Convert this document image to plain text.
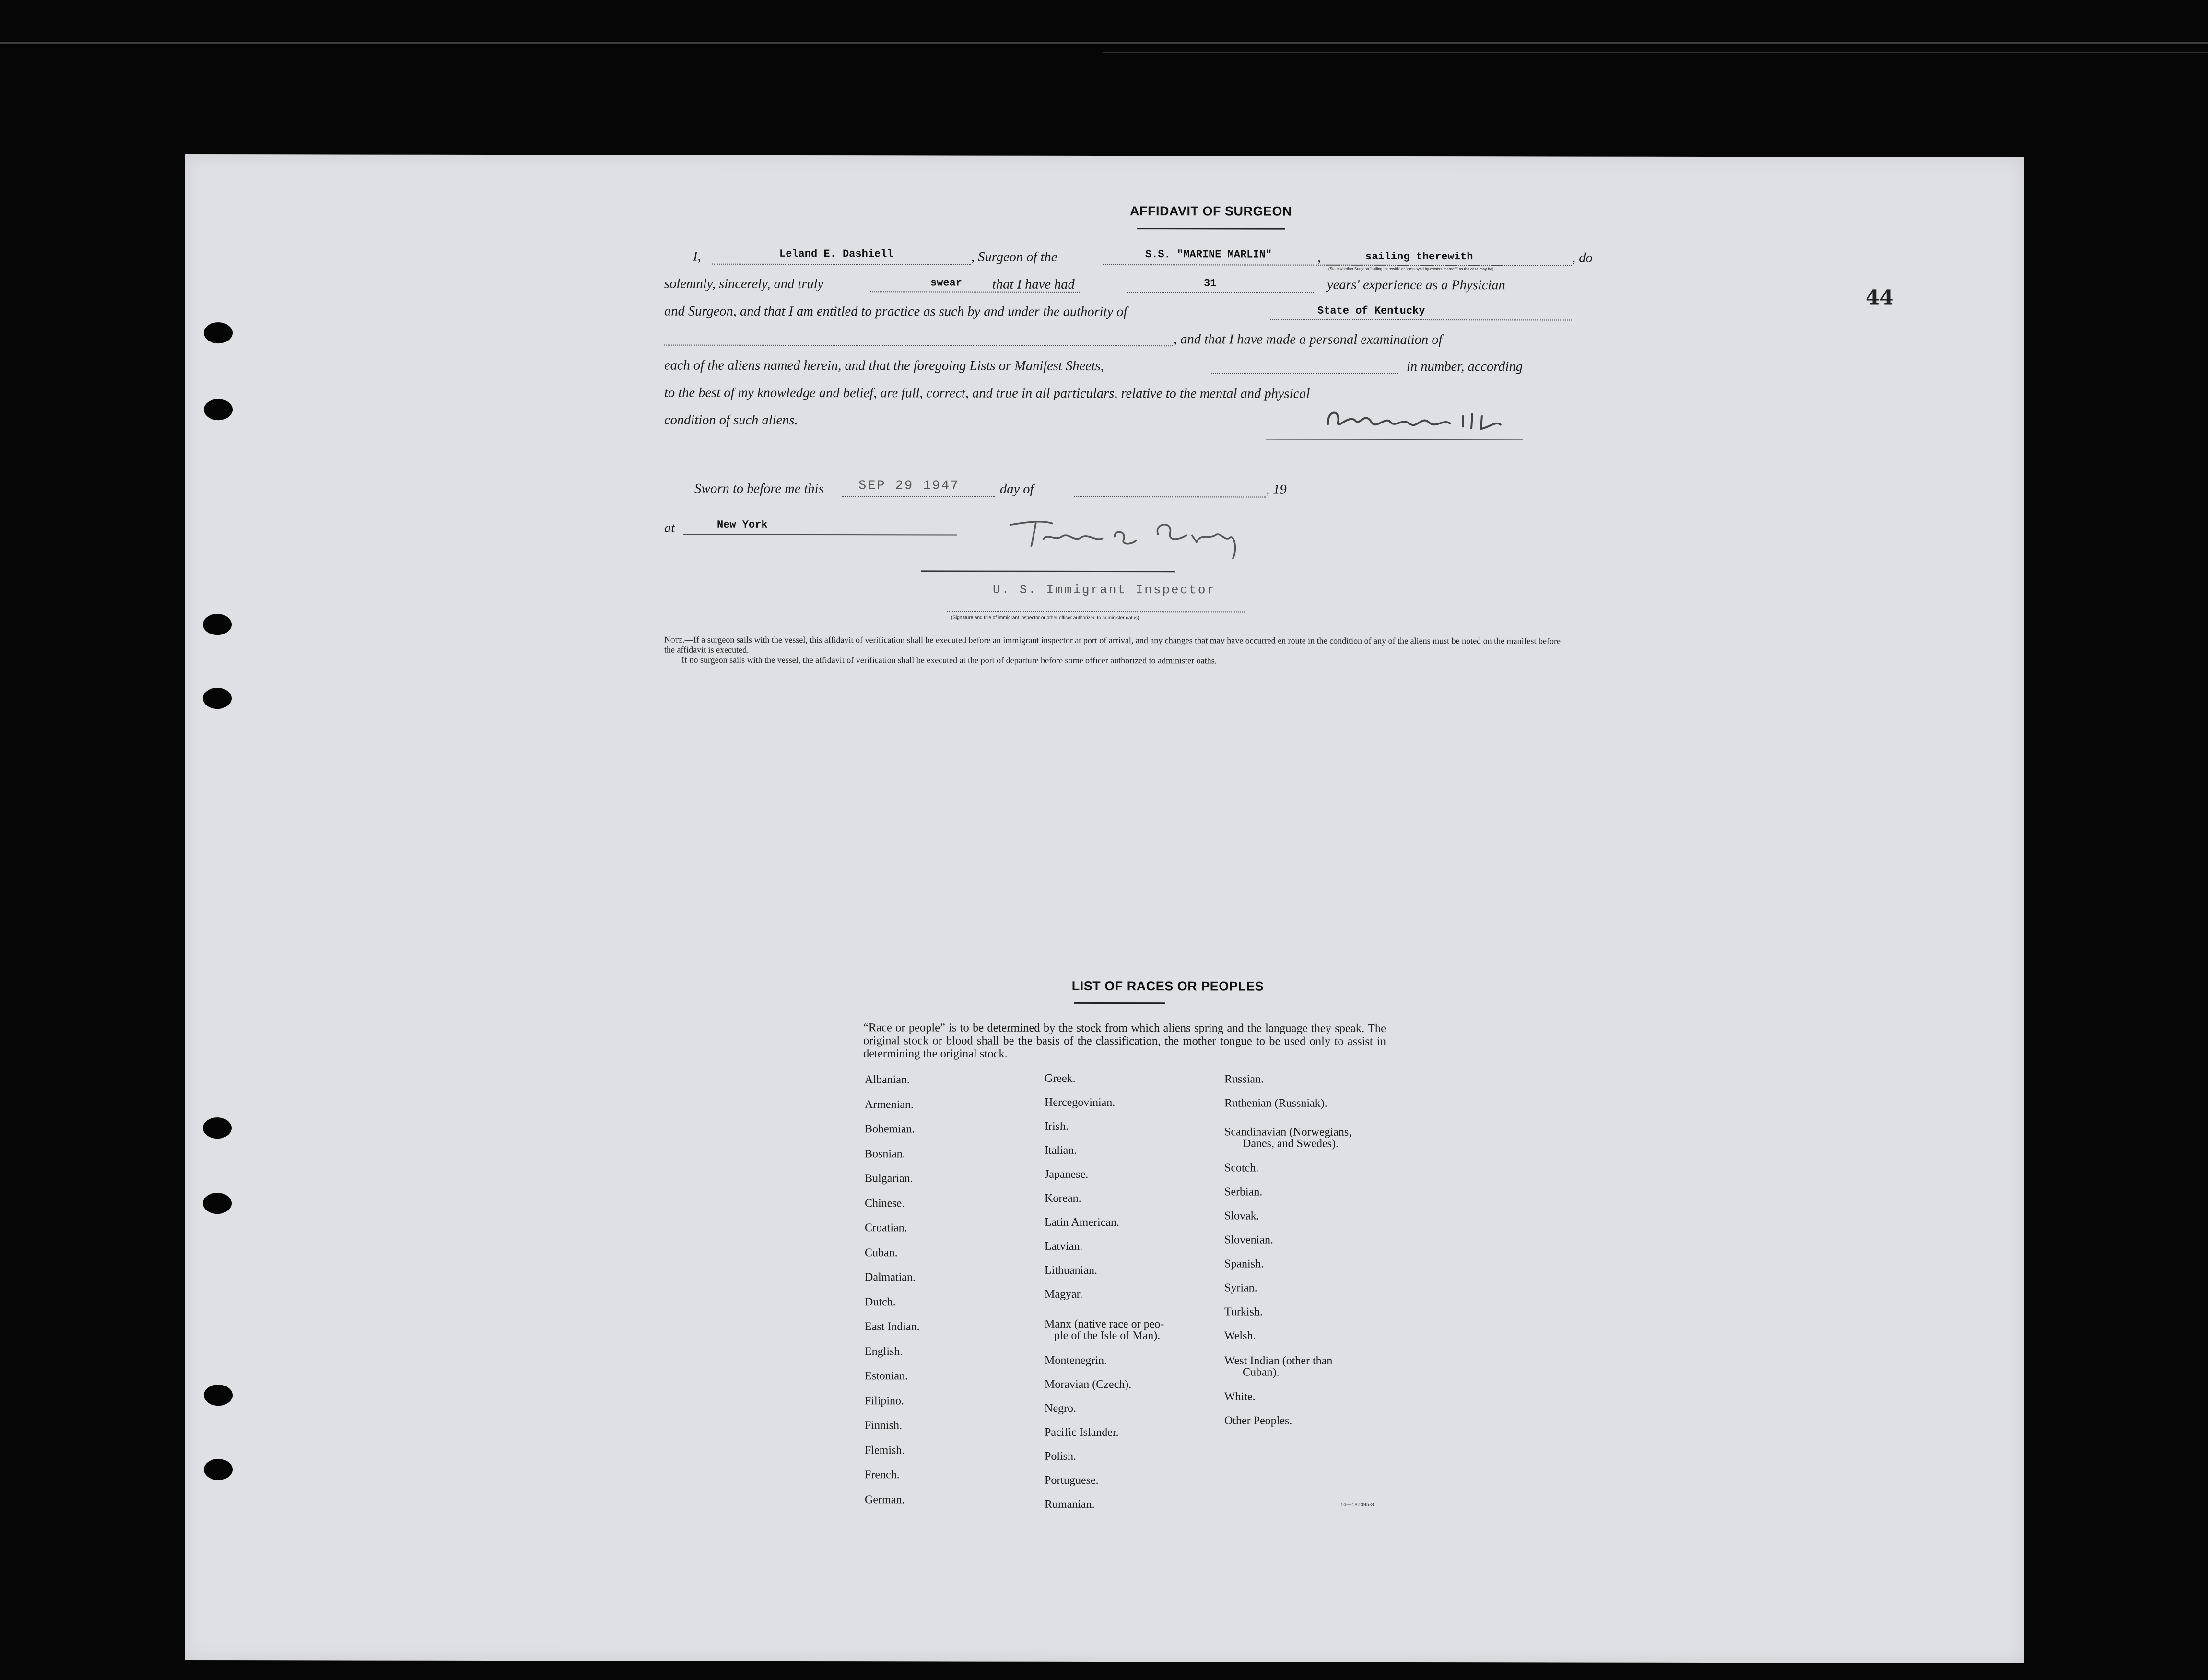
44
AFFIDAVIT OF SURGEON
I,	Leland E. Dashiell	, Surgeon of the	S.S. "MARINE MARLIN"	,	sailing therewith	, do
(State whether Surgeon "sailing therewith" or "employed by owners thereof," as the case may be)
solemnly, sincerely, and truly	swear that I have had	31	years' experience as a Physician
and Surgeon, and that I am entitled to practice as such by and under the authority of	State of Kentucky
, and that I have made a personal examination of
each of the aliens named herein, and that the foregoing Lists or Manifest Sheets,	in number, according
to the best of my knowledge and belief, are full, correct, and true in all particulars, relative to the mental and physical
condition of such aliens.
Sworn to before me this	SEP 29 1947	day of	, 19
at	New York
U. S. Immigrant Inspector
(Signature and title of immigrant inspector or other officer authorized to administer oaths)
Note.—If a surgeon sails with the vessel, this affidavit of verification shall be executed before an immigrant inspector at port of arrival, and any changes that may have occurred en route in the condition of any of the aliens must be noted on the manifest before the affidavit is executed.
If no surgeon sails with the vessel, the affidavit of verification shall be executed at the port of departure before some officer authorized to administer oaths.
LIST OF RACES OR PEOPLES
“Race or people” is to be determined by the stock from which aliens spring and the language they speak. The original stock or blood shall be the basis of the classification, the mother tongue to be used only to assist in determining the original stock.
Albanian.
Armenian.
Bohemian.
Bosnian.
Bulgarian.
Chinese.
Croatian.
Cuban.
Dalmatian.
Dutch.
East Indian.
English.
Estonian.
Filipino.
Finnish.
Flemish.
French.
German.
Greek.
Hercegovinian.
Irish.
Italian.
Japanese.
Korean.
Latin American.
Latvian.
Lithuanian.
Magyar.
Manx (native race or peo-
ple of the Isle of Man).
Montenegrin.
Moravian (Czech).
Negro.
Pacific Islander.
Polish.
Portuguese.
Rumanian.
Russian.
Ruthenian (Russniak).
Scandinavian (Norwegians,
Danes, and Swedes).
Scotch.
Serbian.
Slovak.
Slovenian.
Spanish.
Syrian.
Turkish.
Welsh.
West Indian (other than
Cuban).
White.
Other Peoples.
16—187095-3
